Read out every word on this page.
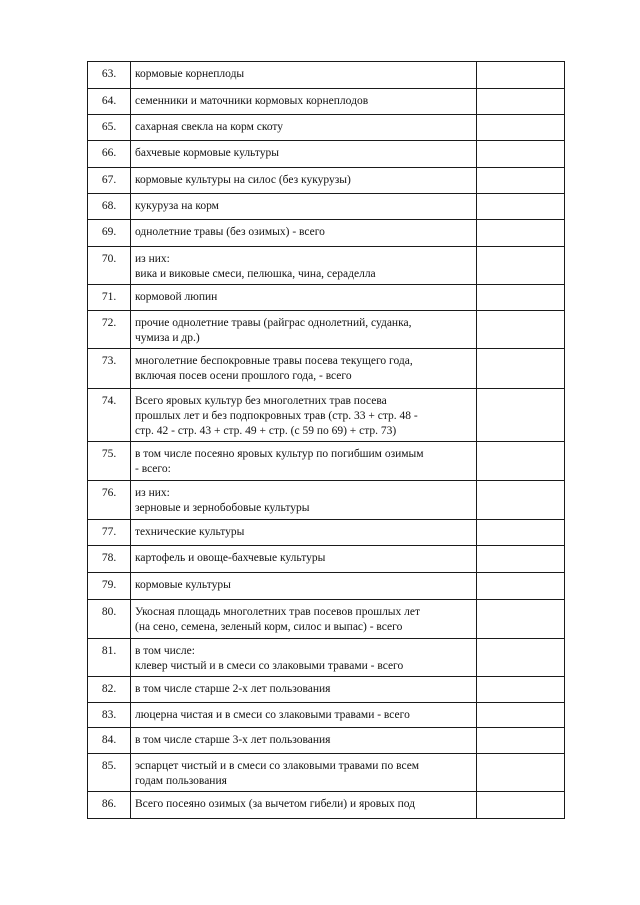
63.	кормовые корнеплоды	

64.	семенники и маточники кормовых корнеплодов	

65.	сахарная свекла на корм скоту	

66.	бахчевые кормовые культуры	

67.	кормовые культуры на силос (без кукурузы)	

68.	кукуруза на корм	

69.	однолетние травы (без озимых) - всего	

70.	из них:
вика и виковые смеси, пелюшка, чина, сераделла	

71.	кормовой люпин	

72.	прочие однолетние травы (райграс однолетний, суданка,
чумиза и др.)	

73.	многолетние беспокровные травы посева текущего года,
включая посев осени прошлого года, - всего	

74.	Всего яровых культур без многолетних трав посева
прошлых лет и без подпокровных трав (стр. 33 + стр. 48 -
стр. 42 - стр. 43 + стр. 49 + стр. (с 59 по 69) + стр. 73)	

75.	в том числе посеяно яровых культур по погибшим озимым
- всего:	

76.	из них:
зерновые и зернобобовые культуры	

77.	технические культуры	

78.	картофель и овоще-бахчевые культуры	

79.	кормовые культуры	

80.	Укосная площадь многолетних трав посевов прошлых лет
(на сено, семена, зеленый корм, силос и выпас) - всего	

81.	в том числе:
клевер чистый и в смеси со злаковыми травами - всего	

82.	в том числе старше 2-х лет пользования	

83.	люцерна чистая и в смеси со злаковыми травами - всего	

84.	в том числе старше 3-х лет пользования	

85.	эспарцет чистый и в смеси со злаковыми травами по всем
годам пользования	

86.	Всего посеяно озимых (за вычетом гибели) и яровых под	
